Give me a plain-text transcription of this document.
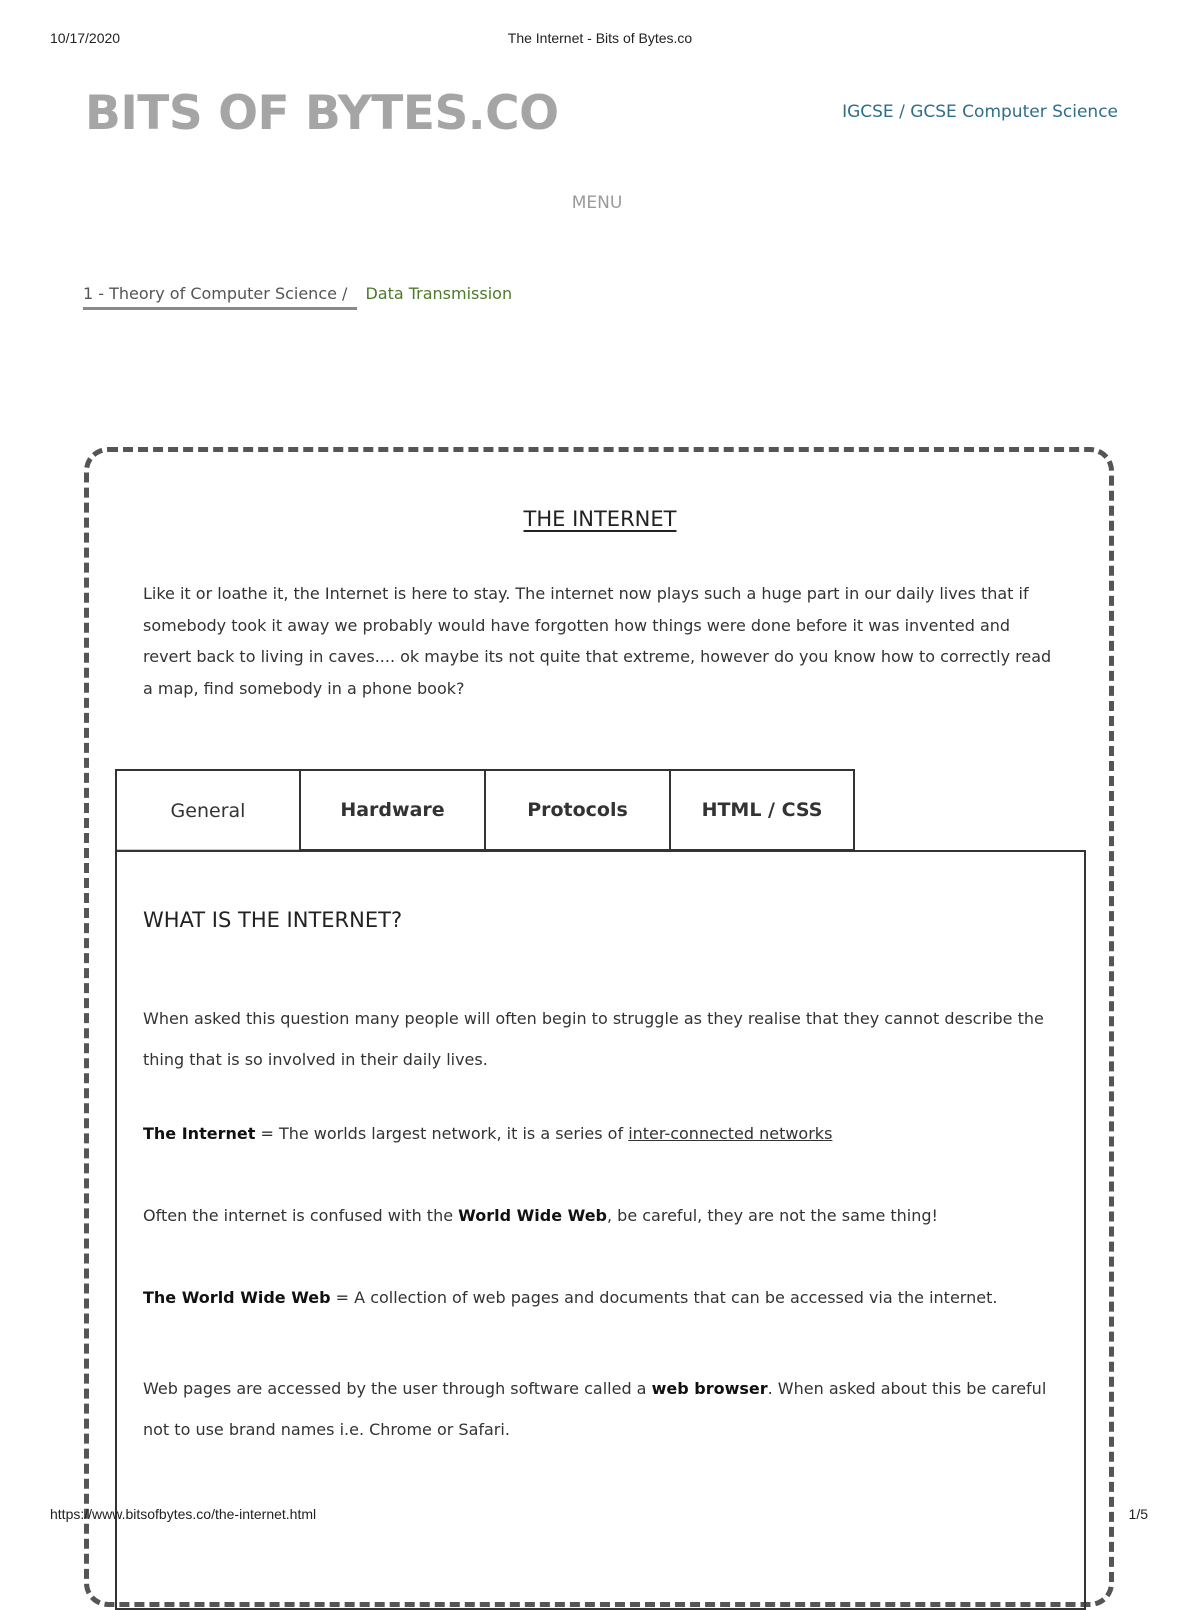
10/17/2020	The Internet - Bits of Bytes.co
BITS OF BYTES.CO	IGCSE / GCSE Computer Science
MENU
1 - Theory of Computer Science /	Data Transmission
THE INTERNET
Like it or loathe it, the Internet is here to stay. The internet now plays such a huge part in our daily lives that if somebody took it away we probably would have forgotten how things were done before it was invented and revert back to living in caves.... ok maybe its not quite that extreme, however do you know how to correctly read a map, find somebody in a phone book?
General	Hardware	Protocols	HTML / CSS
WHAT IS THE INTERNET?
When asked this question many people will often begin to struggle as they realise that they cannot describe the thing that is so involved in their daily lives.
The Internet = The worlds largest network, it is a series of inter-connected networks
Often the internet is confused with the World Wide Web, be careful, they are not the same thing!
The World Wide Web = A collection of web pages and documents that can be accessed via the internet.
Web pages are accessed by the user through software called a web browser. When asked about this be careful not to use brand names i.e. Chrome or Safari.
https://www.bitsofbytes.co/the-internet.html	1/5
